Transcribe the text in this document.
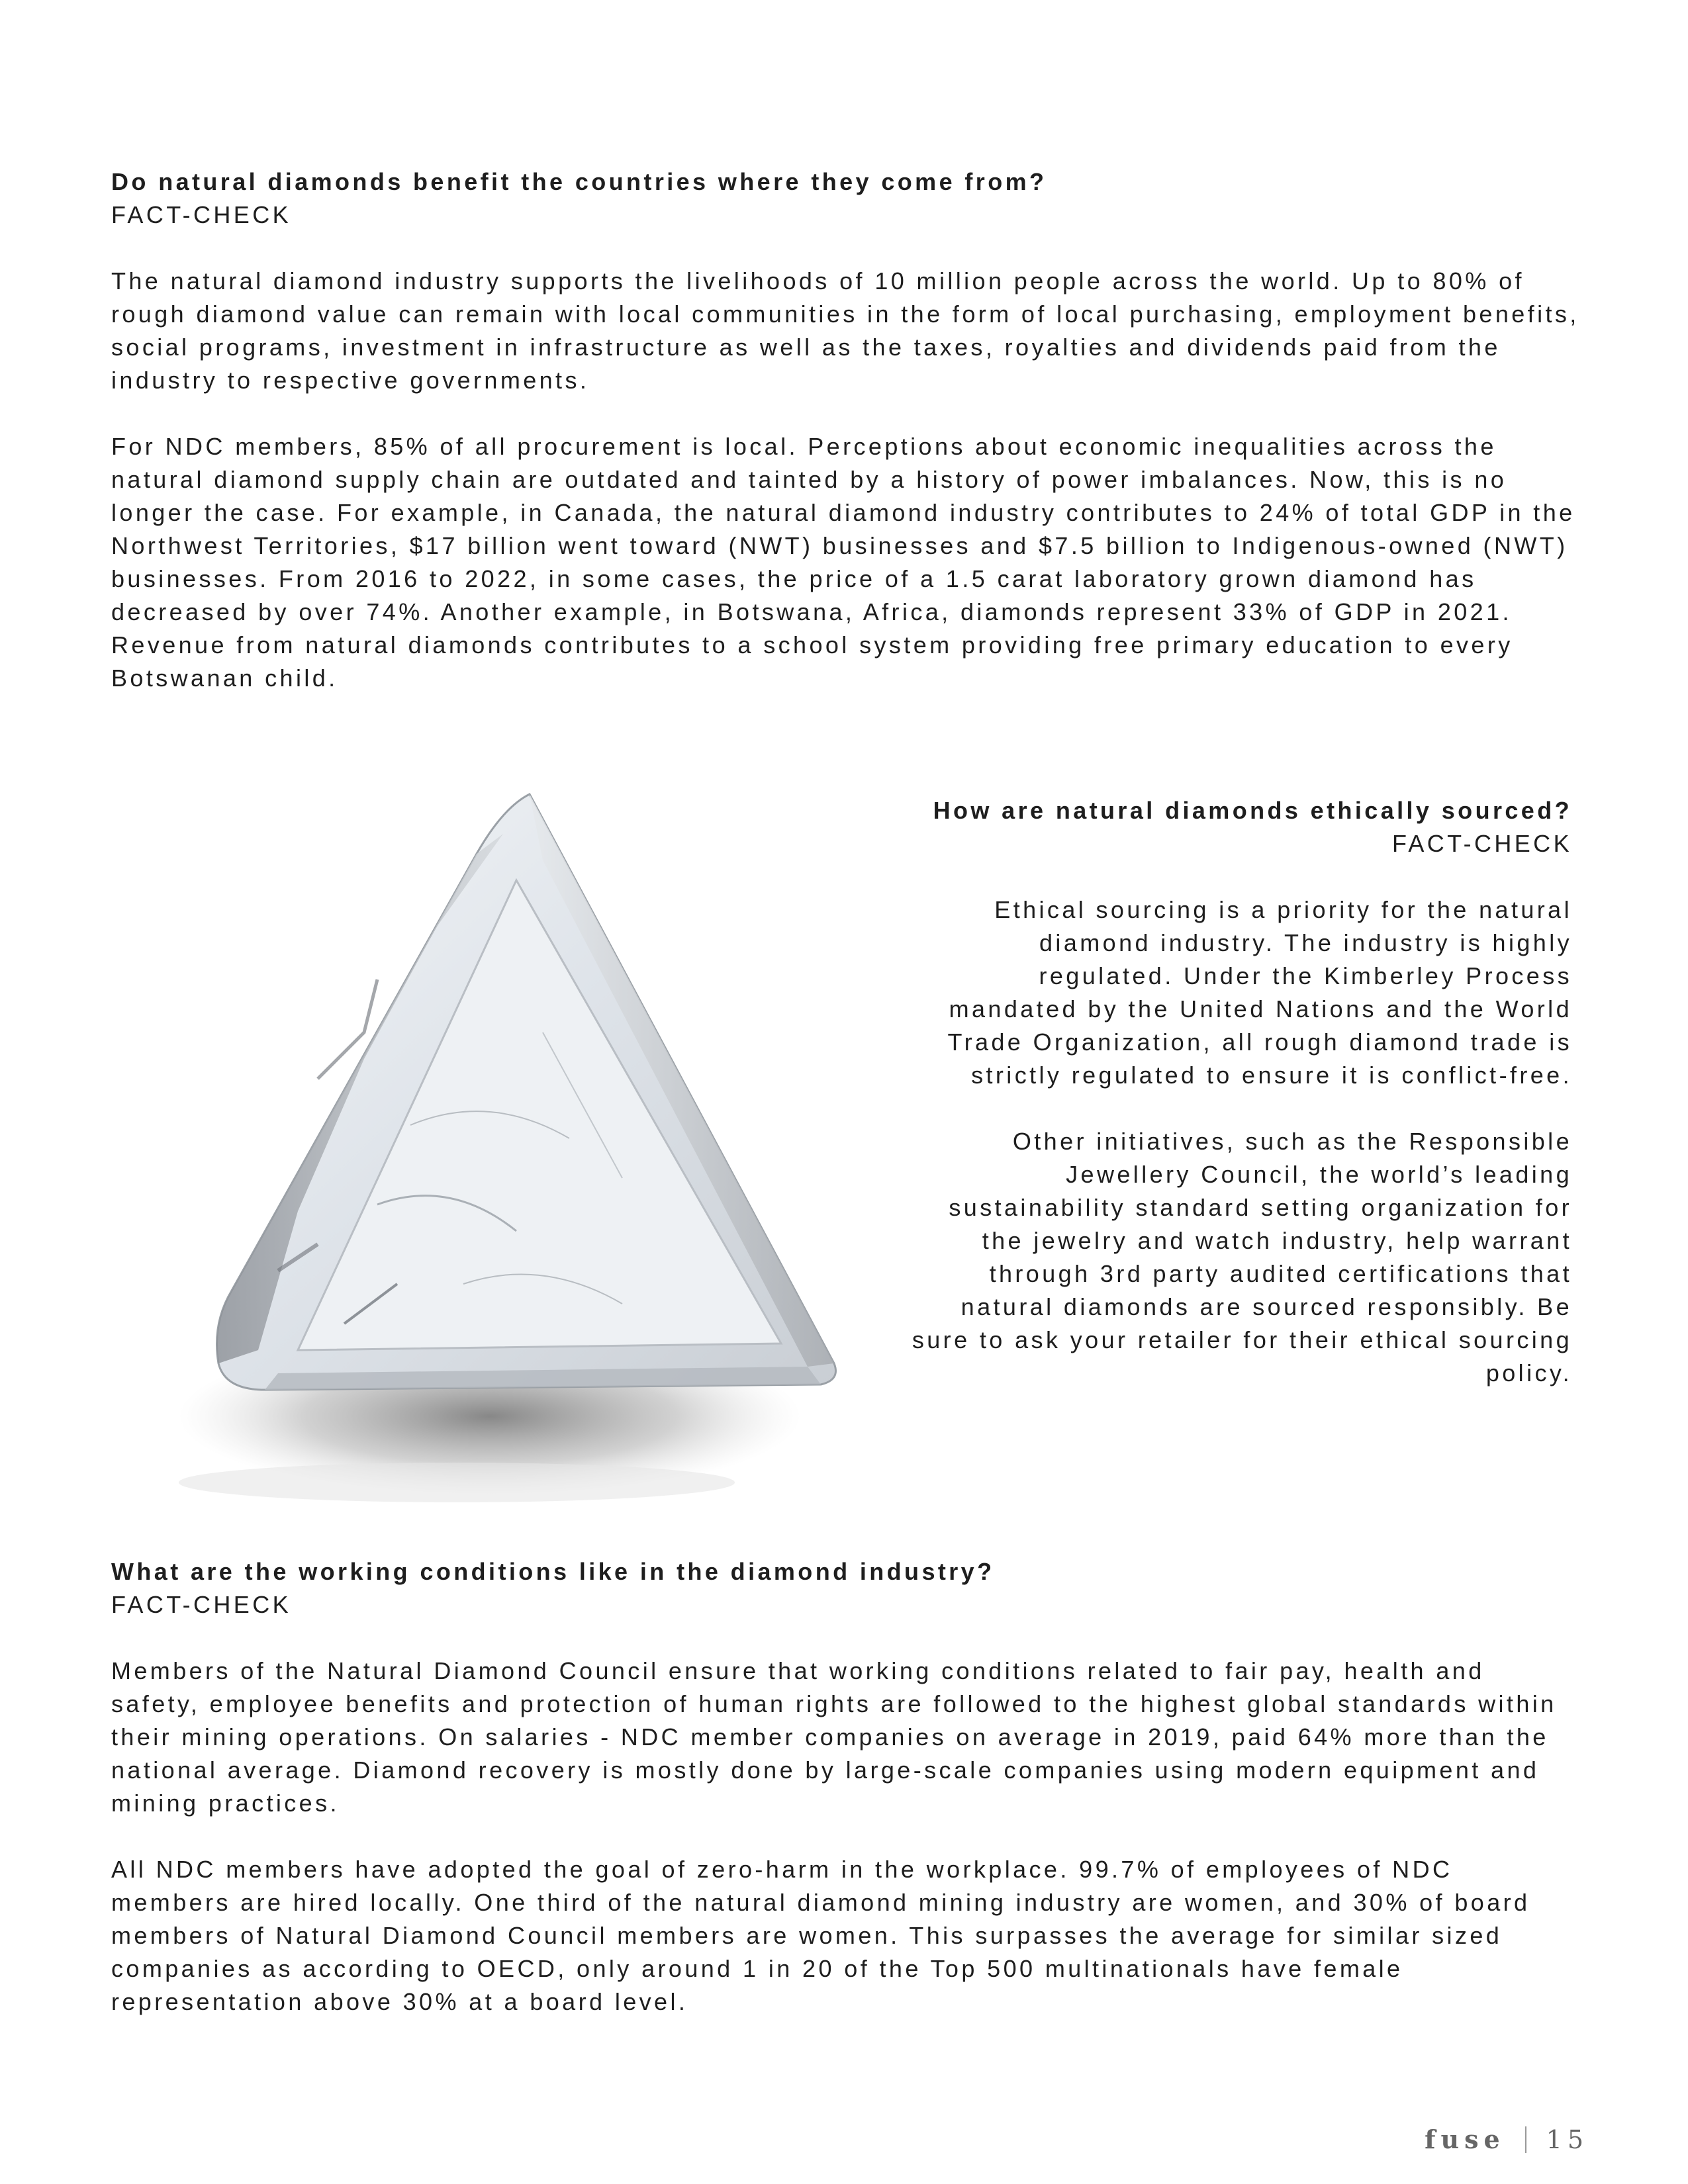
Do natural diamonds benefit the countries where they come from?

FACT-CHECK

The natural diamond industry supports the livelihoods of 10 million people across the world. Up to 80% of rough diamond value can remain with local communities in the form of local purchasing, employment benefits, social programs, investment in infrastructure as well as the taxes, royalties and dividends paid from the industry to respective governments.

For NDC members, 85% of all procurement is local. Perceptions about economic inequalities across the natural diamond supply chain are outdated and tainted by a history of power imbalances. Now, this is no longer the case. For example, in Canada, the natural diamond industry contributes to 24% of total GDP in the Northwest Territories, $17 billion went toward (NWT) businesses and $7.5 billion to Indigenous-owned (NWT) businesses. From 2016 to 2022, in some cases, the price of a 1.5 carat laboratory grown diamond has decreased by over 74%. Another example, in Botswana, Africa, diamonds represent 33% of GDP in 2021. Revenue from natural diamonds contributes to a school system providing free primary education to every Botswanan child.

How are natural diamonds ethically sourced?

FACT-CHECK

Ethical sourcing is a priority for the natural diamond industry. The industry is highly regulated. Under the Kimberley Process mandated by the United Nations and the World Trade Organization, all rough diamond trade is strictly regulated to ensure it is conflict-free.

Other initiatives, such as the Responsible Jewellery Council, the world’s leading sustainability standard setting organization for the jewelry and watch industry, help warrant through 3rd party audited certifications that natural diamonds are sourced responsibly. Be sure to ask your retailer for their ethical sourcing policy.

What are the working conditions like in the diamond industry?

FACT-CHECK

Members of the Natural Diamond Council ensure that working conditions related to fair pay, health and safety, employee benefits and protection of human rights are followed to the highest global standards within their mining operations. On salaries - NDC member companies on average in 2019, paid 64% more than the national average. Diamond recovery is mostly done by large-scale companies using modern equipment and mining practices.

All NDC members have adopted the goal of zero-harm in the workplace. 99.7% of employees of NDC members are hired locally. One third of the natural diamond mining industry are women, and 30% of board members of Natural Diamond Council members are women. This surpasses the average for similar sized companies as according to OECD, only around 1 in 20 of the Top 500 multinationals have female representation above 30% at a board level.

fuse 15
